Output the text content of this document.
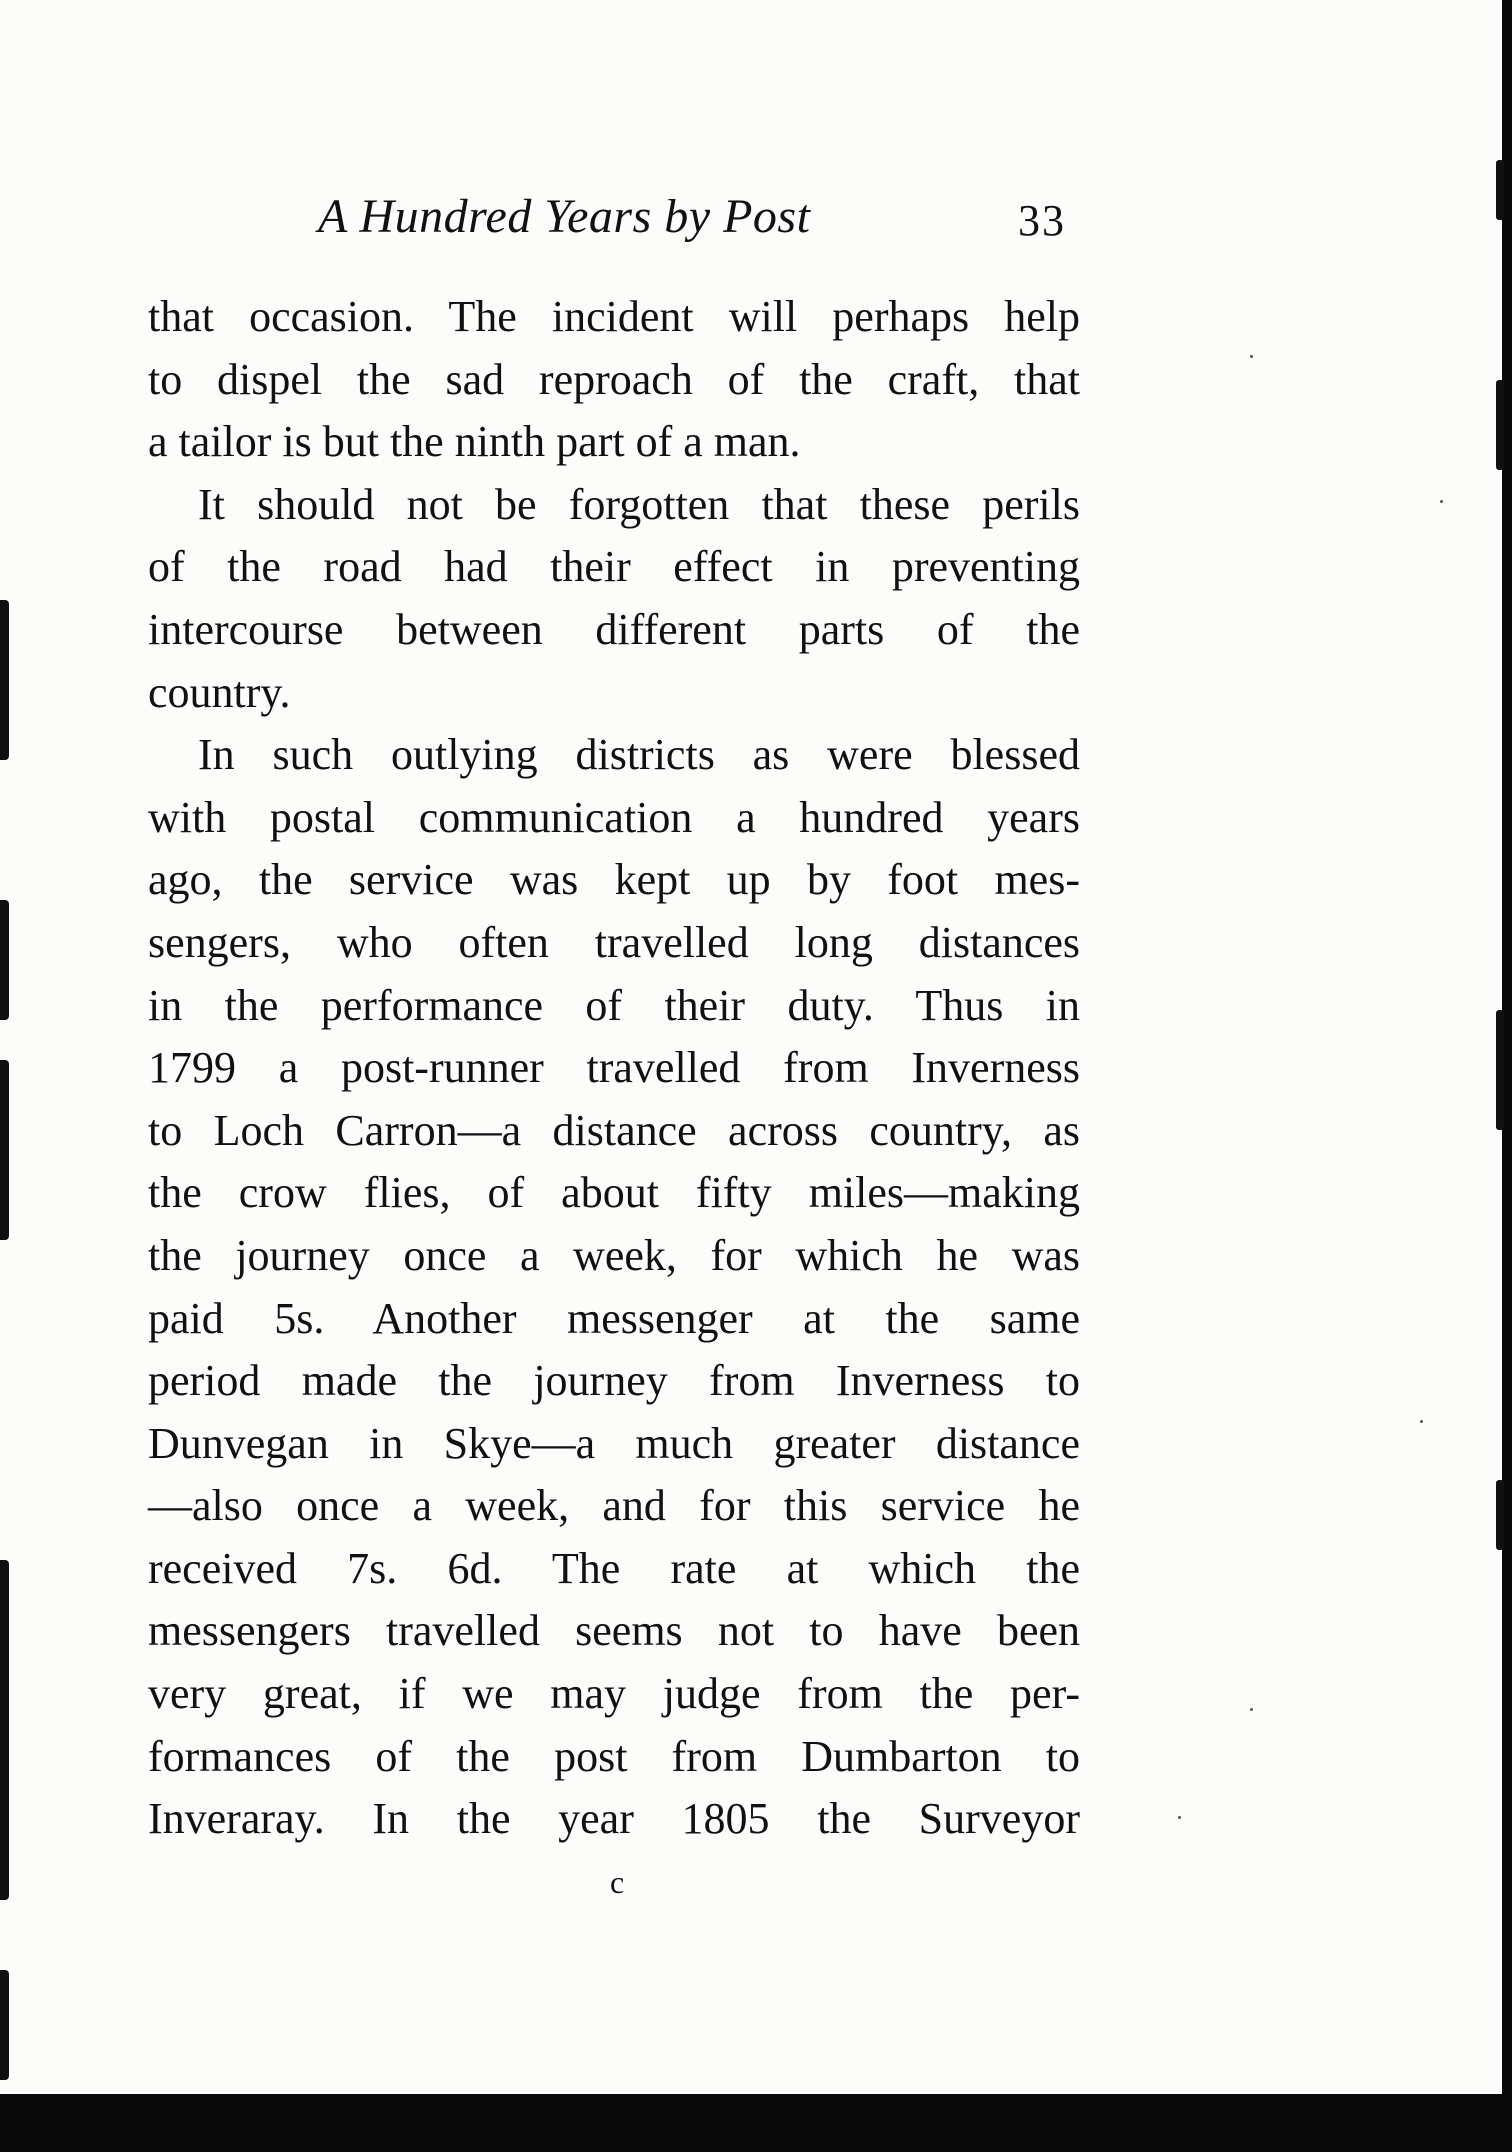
A Hundred Years by Post	33
that occasion. The incident will perhaps help
to dispel the sad reproach of the craft, that
a tailor is but the ninth part of a man.
It should not be forgotten that these perils
of the road had their effect in preventing
intercourse between different parts of the
country.
In such outlying districts as were blessed
with postal communication a hundred years
ago, the service was kept up by foot mes-
sengers, who often travelled long distances
in the performance of their duty. Thus in
1799 a post-runner travelled from Inverness
to Loch Carron—a distance across country, as
the crow flies, of about fifty miles—making
the journey once a week, for which he was
paid 5s. Another messenger at the same
period made the journey from Inverness to
Dunvegan in Skye—a much greater distance
—also once a week, and for this service he
received 7s. 6d. The rate at which the
messengers travelled seems not to have been
very great, if we may judge from the per-
formances of the post from Dumbarton to
Inveraray. In the year 1805 the Surveyor
c
